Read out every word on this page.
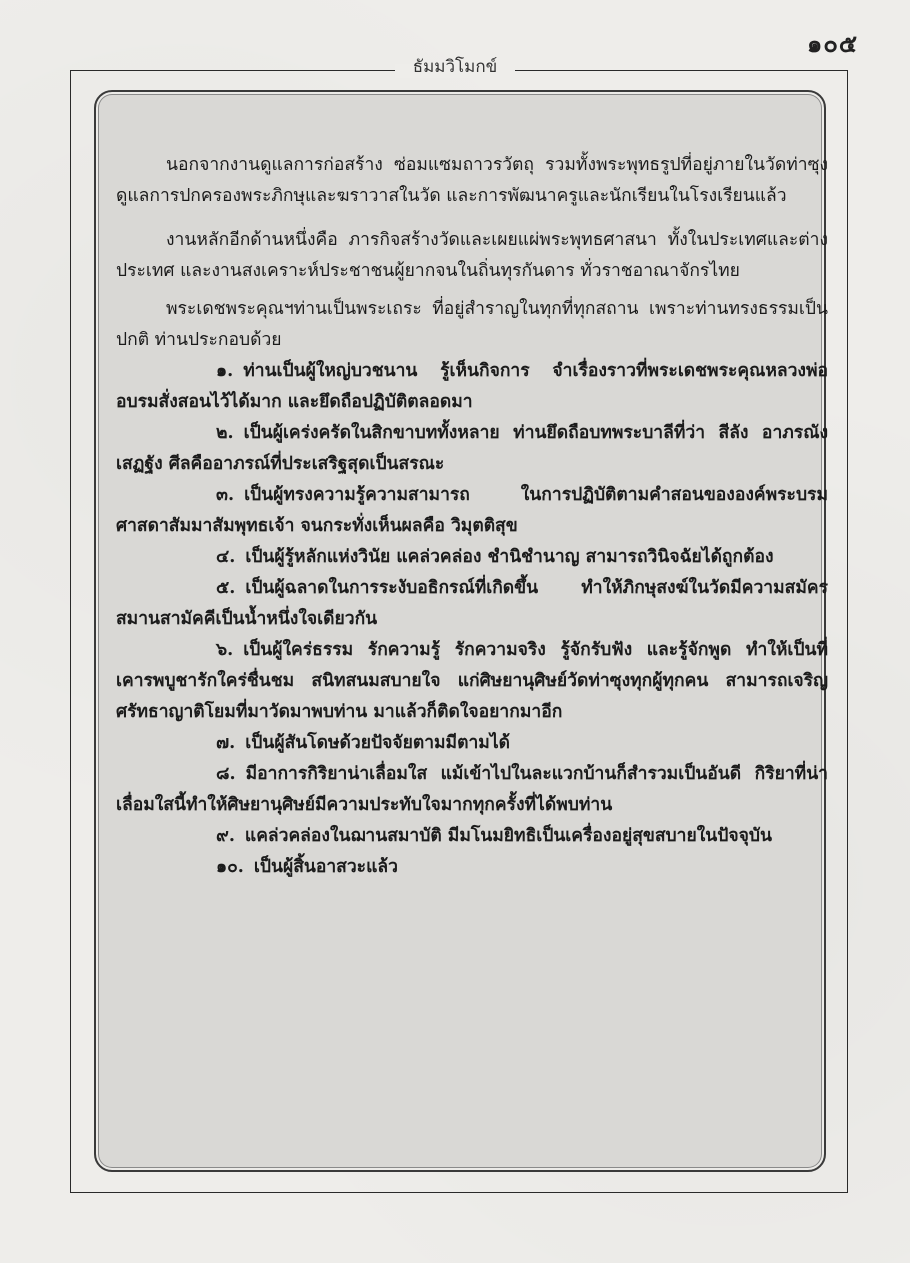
๑๐๕
ธัมมวิโมกข์

นอกจากงานดูแลการก่อสร้าง ซ่อมแซมถาวรวัตถุ รวมทั้งพระพุทธรูปที่อยู่ภายในวัดท่าซุง ดูแลการปกครองพระภิกษุและฆราวาสในวัด และการพัฒนาครูและนักเรียนในโรงเรียนแล้ว

งานหลักอีกด้านหนึ่งคือ ภารกิจสร้างวัดและเผยแผ่พระพุทธศาสนา ทั้งในประเทศและต่างประเทศ และงานสงเคราะห์ประชาชนผู้ยากจนในถิ่นทุรกันดาร ทั่วราชอาณาจักรไทย

พระเดชพระคุณฯท่านเป็นพระเถระ ที่อยู่สำราญในทุกที่ทุกสถาน เพราะท่านทรงธรรมเป็นปกติ ท่านประกอบด้วย

๑. ท่านเป็นผู้ใหญ่บวชนาน รู้เห็นกิจการ จำเรื่องราวที่พระเดชพระคุณหลวงพ่ออบรมสั่งสอนไว้ได้มาก และยึดถือปฏิบัติตลอดมา

๒. เป็นผู้เคร่งครัดในสิกขาบททั้งหลาย ท่านยึดถือบทพระบาลีที่ว่า สีลัง อาภรณัง เสฏฐัง ศีลคืออาภรณ์ที่ประเสริฐสุดเป็นสรณะ

๓. เป็นผู้ทรงความรู้ความสามารถ ในการปฏิบัติตามคำสอนขององค์พระบรมศาสดาสัมมาสัมพุทธเจ้า จนกระทั่งเห็นผลคือ วิมุตติสุข

๔. เป็นผู้รู้หลักแห่งวินัย แคล่วคล่อง ชำนิชำนาญ สามารถวินิจฉัยได้ถูกต้อง

๕. เป็นผู้ฉลาดในการระงับอธิกรณ์ที่เกิดขึ้น ทำให้ภิกษุสงฆ์ในวัดมีความสมัครสมานสามัคคีเป็นน้ำหนึ่งใจเดียวกัน

๖. เป็นผู้ใคร่ธรรม รักความรู้ รักความจริง รู้จักรับฟัง และรู้จักพูด ทำให้เป็นที่เคารพบูชารักใคร่ชื่นชม สนิทสนมสบายใจ แก่ศิษยานุศิษย์วัดท่าซุงทุกผู้ทุกคน สามารถเจริญศรัทธาญาติโยมที่มาวัดมาพบท่าน มาแล้วก็ติดใจอยากมาอีก

๗. เป็นผู้สันโดษด้วยปัจจัยตามมีตามได้

๘. มีอาการกิริยาน่าเลื่อมใส แม้เข้าไปในละแวกบ้านก็สำรวมเป็นอันดี กิริยาที่น่าเลื่อมใสนี้ทำให้ศิษยานุศิษย์มีความประทับใจมากทุกครั้งที่ได้พบท่าน

๙. แคล่วคล่องในฌานสมาบัติ มีมโนมยิทธิเป็นเครื่องอยู่สุขสบายในปัจจุบัน

๑๐. เป็นผู้สิ้นอาสวะแล้ว
